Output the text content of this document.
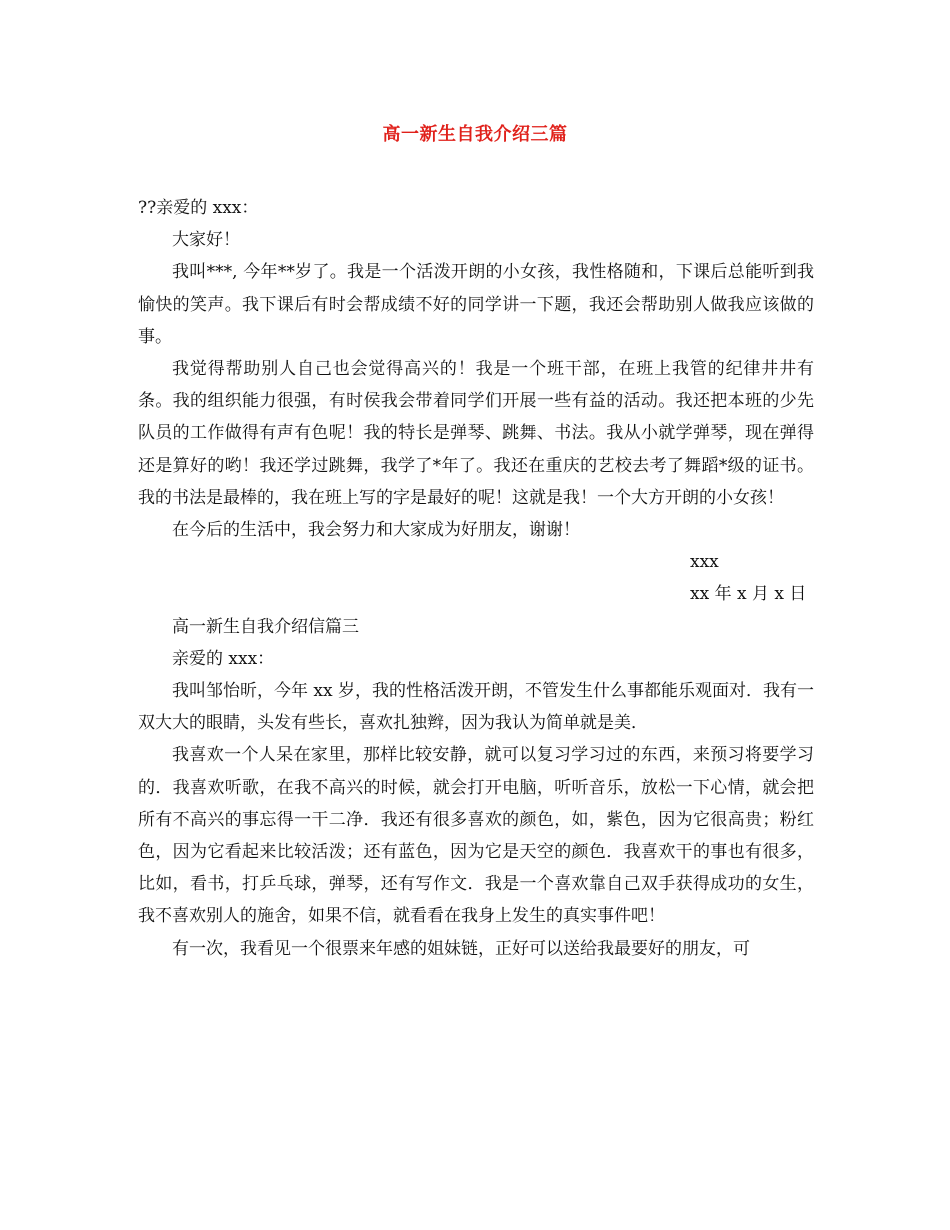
高一新生自我介绍三篇

??亲爱的 xxx：

大家好！

我叫***, 今年**岁了。我是一个活泼开朗的小女孩，我性格随和，下课后总能听到我愉快的笑声。我下课后有时会帮成绩不好的同学讲一下题，我还会帮助别人做我应该做的事。

我觉得帮助别人自己也会觉得高兴的！我是一个班干部，在班上我管的纪律井井有条。我的组织能力很强，有时侯我会带着同学们开展一些有益的活动。我还把本班的少先队员的工作做得有声有色呢！我的特长是弹琴、跳舞、书法。我从小就学弹琴，现在弹得还是算好的哟！我还学过跳舞，我学了*年了。我还在重庆的艺校去考了舞蹈*级的证书。我的书法是最棒的，我在班上写的字是最好的呢！这就是我！一个大方开朗的小女孩！

在今后的生活中，我会努力和大家成为好朋友，谢谢！

xxx

xx 年 x 月 x 日

高一新生自我介绍信篇三

亲爱的 xxx：

我叫邹怡昕，今年 xx 岁，我的性格活泼开朗，不管发生什么事都能乐观面对．我有一双大大的眼睛，头发有些长，喜欢扎独辫，因为我认为简单就是美．

我喜欢一个人呆在家里，那样比较安静，就可以复习学习过的东西，来预习将要学习的．我喜欢听歌，在我不高兴的时候，就会打开电脑，听听音乐，放松一下心情，就会把所有不高兴的事忘得一干二净．我还有很多喜欢的颜色，如，紫色，因为它很高贵；粉红色，因为它看起来比较活泼；还有蓝色，因为它是天空的颜色．我喜欢干的事也有很多，比如，看书，打乒乓球，弹琴，还有写作文．我是一个喜欢靠自己双手获得成功的女生，我不喜欢别人的施舍，如果不信，就看看在我身上发生的真实事件吧！

有一次，我看见一个很票来年感的姐妹链，正好可以送给我最要好的朋友，可
